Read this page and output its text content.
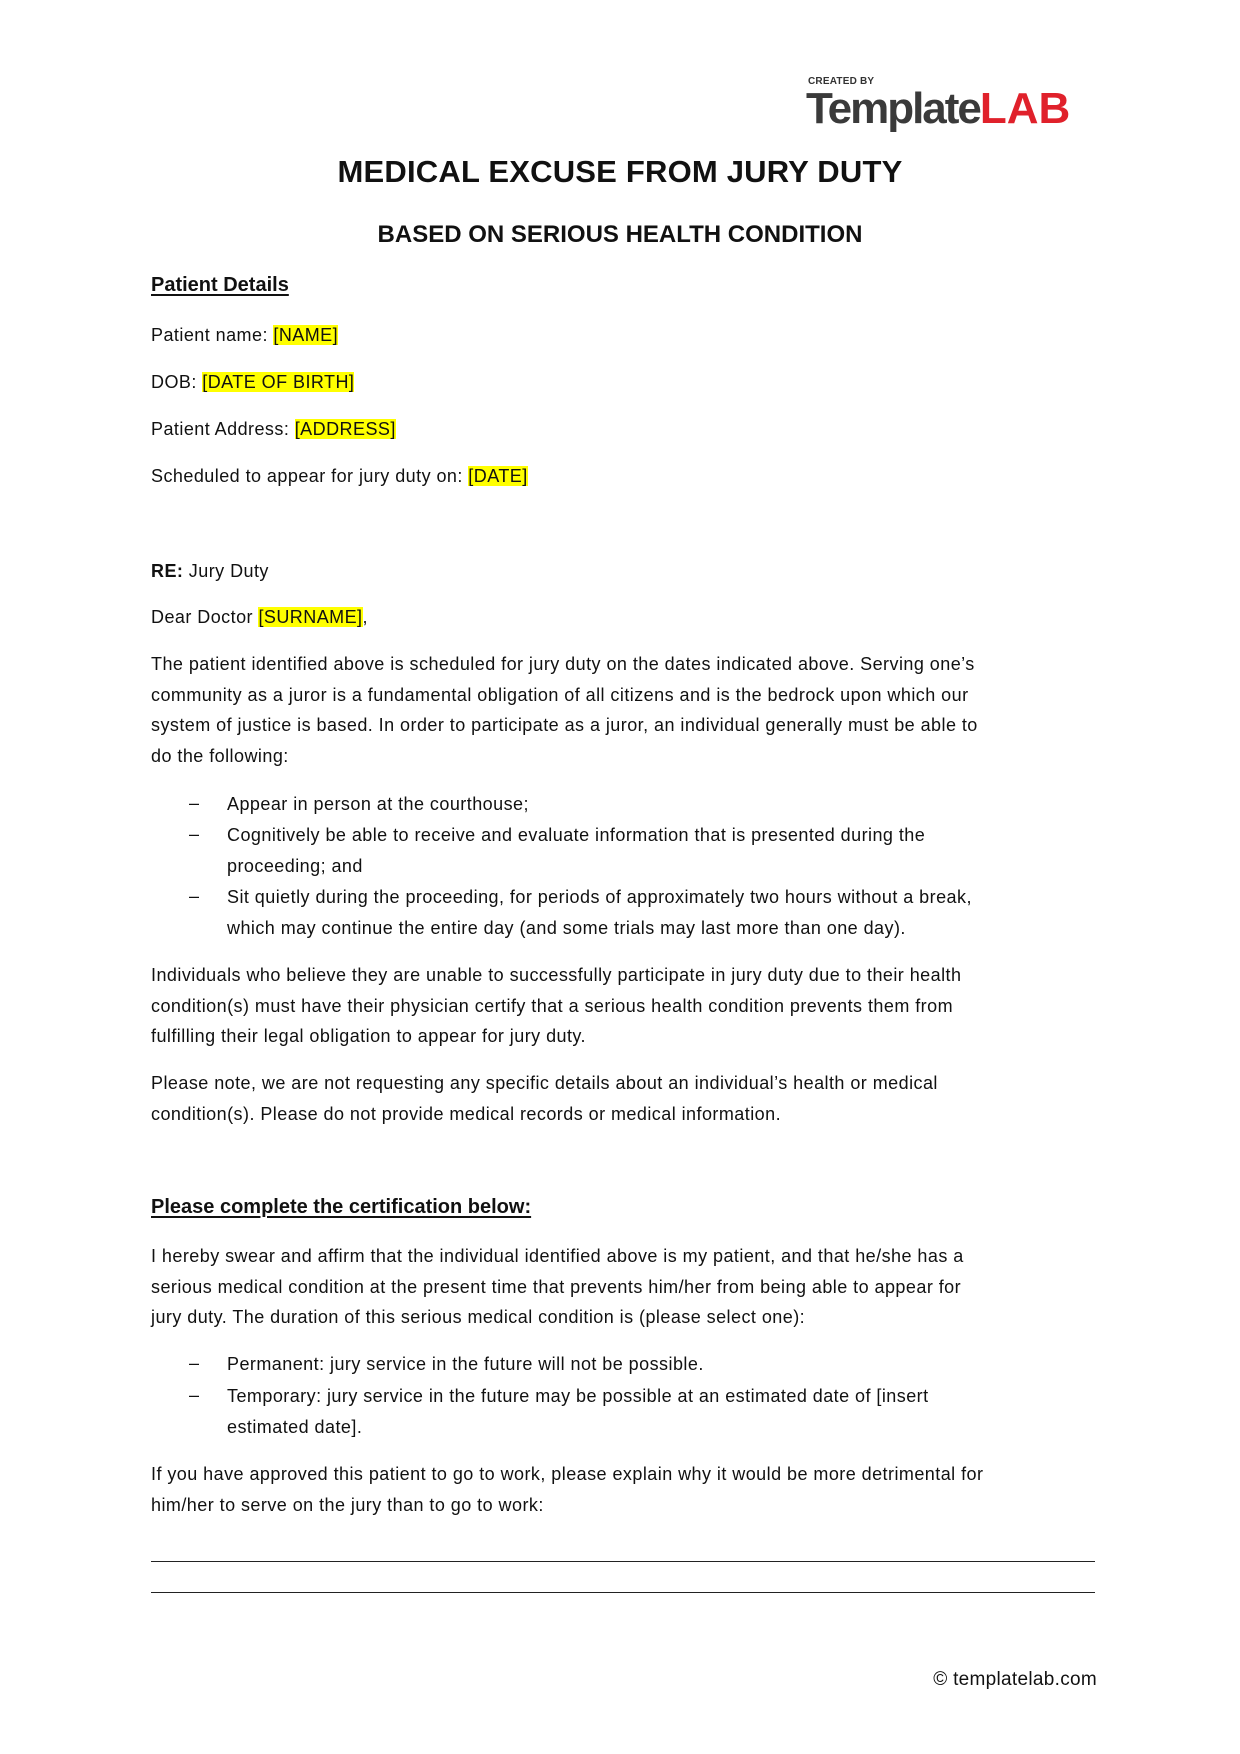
CREATED BY
TemplateLAB
MEDICAL EXCUSE FROM JURY DUTY
BASED ON SERIOUS HEALTH CONDITION
Patient Details
Patient name: [NAME]
DOB: [DATE OF BIRTH]
Patient Address: [ADDRESS]
Scheduled to appear for jury duty on: [DATE]
RE: Jury Duty
Dear Doctor [SURNAME],
The patient identified above is scheduled for jury duty on the dates indicated above. Serving one’s
community as a juror is a fundamental obligation of all citizens and is the bedrock upon which our
system of justice is based. In order to participate as a juror, an individual generally must be able to
do the following:
– Appear in person at the courthouse;
– Cognitively be able to receive and evaluate information that is presented during the
proceeding; and
– Sit quietly during the proceeding, for periods of approximately two hours without a break,
which may continue the entire day (and some trials may last more than one day).
Individuals who believe they are unable to successfully participate in jury duty due to their health
condition(s) must have their physician certify that a serious health condition prevents them from
fulfilling their legal obligation to appear for jury duty.
Please note, we are not requesting any specific details about an individual’s health or medical
condition(s). Please do not provide medical records or medical information.
Please complete the certification below:
I hereby swear and affirm that the individual identified above is my patient, and that he/she has a
serious medical condition at the present time that prevents him/her from being able to appear for
jury duty. The duration of this serious medical condition is (please select one):
– Permanent: jury service in the future will not be possible.
– Temporary: jury service in the future may be possible at an estimated date of [insert
estimated date].
If you have approved this patient to go to work, please explain why it would be more detrimental for
him/her to serve on the jury than to go to work:
© templatelab.com
